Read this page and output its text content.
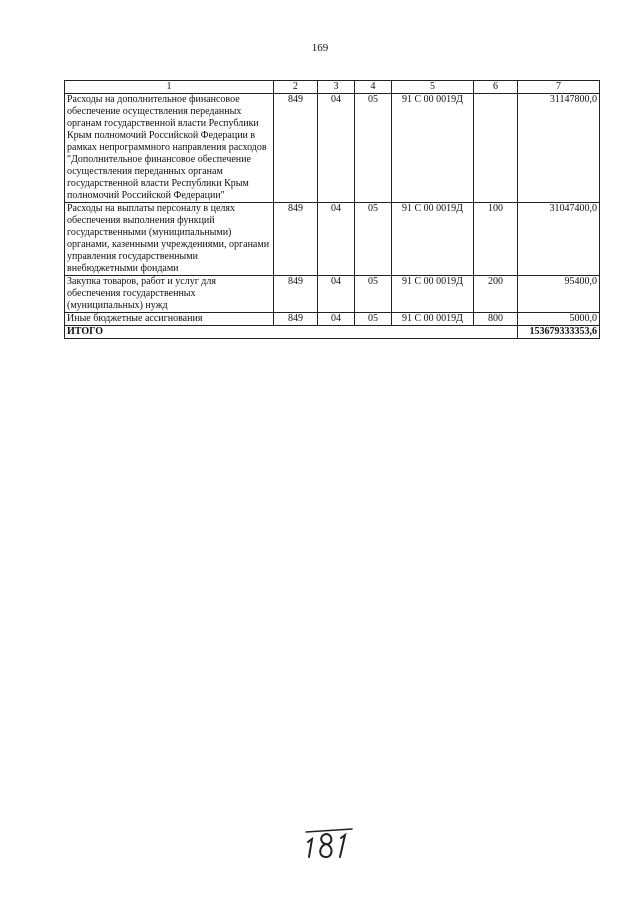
169
1	2	3	4	5	6	7
Расходы на дополнительное финансовое обеспечение осуществления переданных органам государственной власти Республики Крым полномочий Российской Федерации в рамках непрограммного направления расходов "Дополнительное финансовое обеспечение осуществления переданных органам государственной власти Республики Крым полномочий Российской Федерации"	849	04	05	91 С 00 0019Д		31147800,0
Расходы на выплаты персоналу в целях обеспечения выполнения функций государственными (муниципальными) органами, казенными учреждениями, органами управления государственными внебюджетными фондами	849	04	05	91 С 00 0019Д	100	31047400,0
Закупка товаров, работ и услуг для обеспечения государственных (муниципальных) нужд	849	04	05	91 С 00 0019Д	200	95400,0
Иные бюджетные ассигнования	849	04	05	91 С 00 0019Д	800	5000,0
ИТОГО						153679333353,6
